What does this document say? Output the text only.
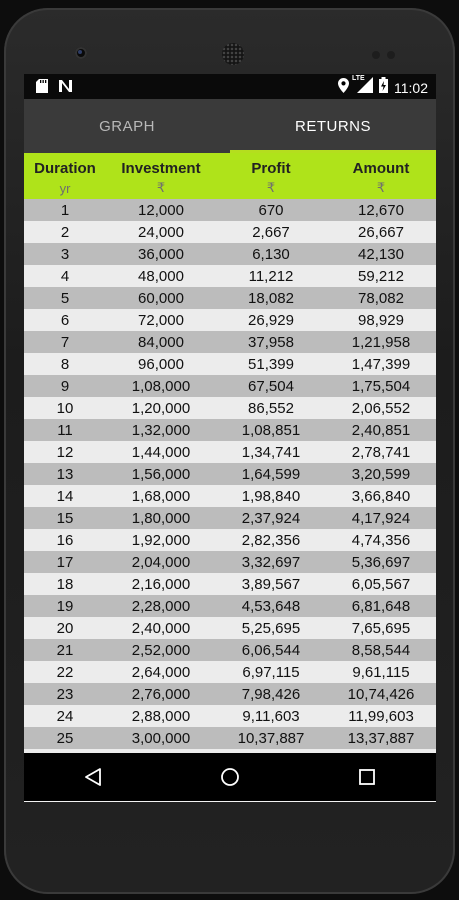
LTE
11:02
GRAPH	RETURNS
Duration	Investment	Profit	Amount
yr	₹	₹	₹
1	12,000	670	12,670
2	24,000	2,667	26,667
3	36,000	6,130	42,130
4	48,000	11,212	59,212
5	60,000	18,082	78,082
6	72,000	26,929	98,929
7	84,000	37,958	1,21,958
8	96,000	51,399	1,47,399
9	1,08,000	67,504	1,75,504
10	1,20,000	86,552	2,06,552
11	1,32,000	1,08,851	2,40,851
12	1,44,000	1,34,741	2,78,741
13	1,56,000	1,64,599	3,20,599
14	1,68,000	1,98,840	3,66,840
15	1,80,000	2,37,924	4,17,924
16	1,92,000	2,82,356	4,74,356
17	2,04,000	3,32,697	5,36,697
18	2,16,000	3,89,567	6,05,567
19	2,28,000	4,53,648	6,81,648
20	2,40,000	5,25,695	7,65,695
21	2,52,000	6,06,544	8,58,544
22	2,64,000	6,97,115	9,61,115
23	2,76,000	7,98,426	10,74,426
24	2,88,000	9,11,603	11,99,603
25	3,00,000	10,37,887	13,37,887
